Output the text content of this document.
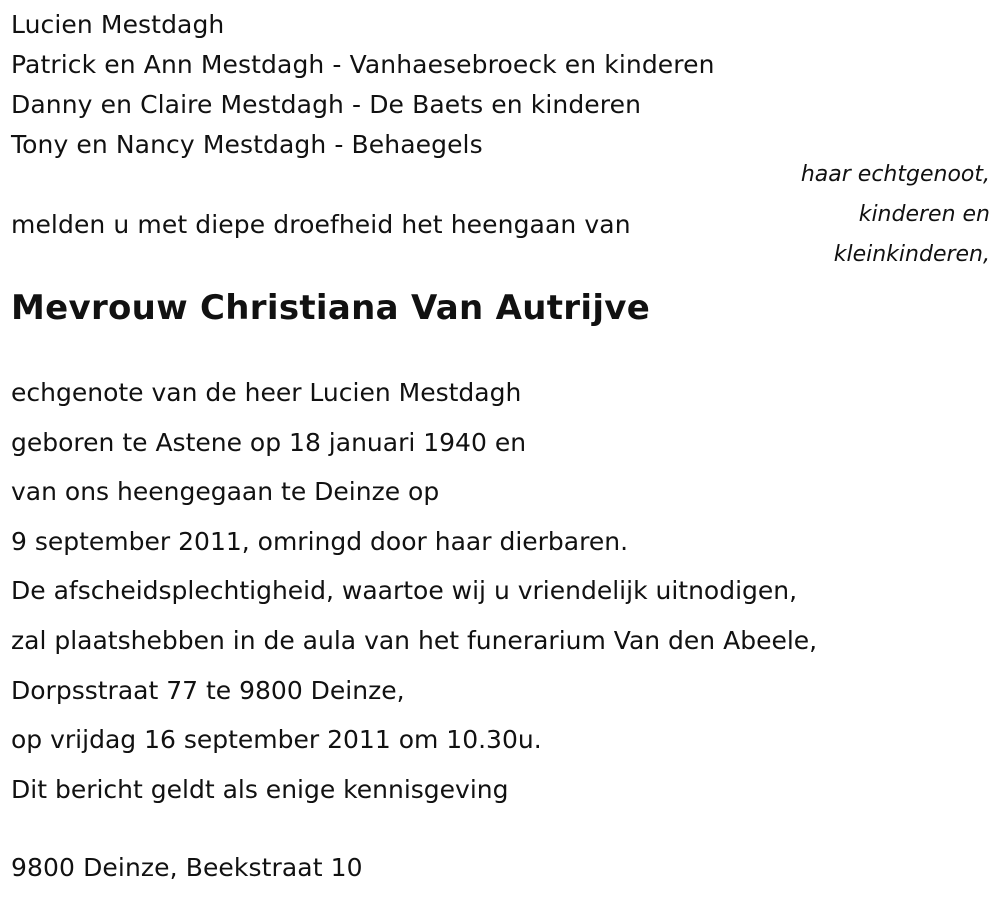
Lucien Mestdagh
Patrick en Ann Mestdagh - Vanhaesebroeck en kinderen
Danny en Claire Mestdagh - De Baets en kinderen
Tony en Nancy Mestdagh - Behaegels
haar echtgenoot,
kinderen en
kleinkinderen,
melden u met diepe droefheid het heengaan van
Mevrouw Christiana Van Autrijve
echgenote van de heer Lucien Mestdagh
geboren te Astene op 18 januari 1940 en
van ons heengegaan te Deinze op
9 september 2011, omringd door haar dierbaren.
De afscheidsplechtigheid, waartoe wij u vriendelijk uitnodigen,
zal plaatshebben in de aula van het funerarium Van den Abeele,
Dorpsstraat 77 te 9800 Deinze,
op vrijdag 16 september 2011 om 10.30u.
Dit bericht geldt als enige kennisgeving
9800 Deinze, Beekstraat 10
